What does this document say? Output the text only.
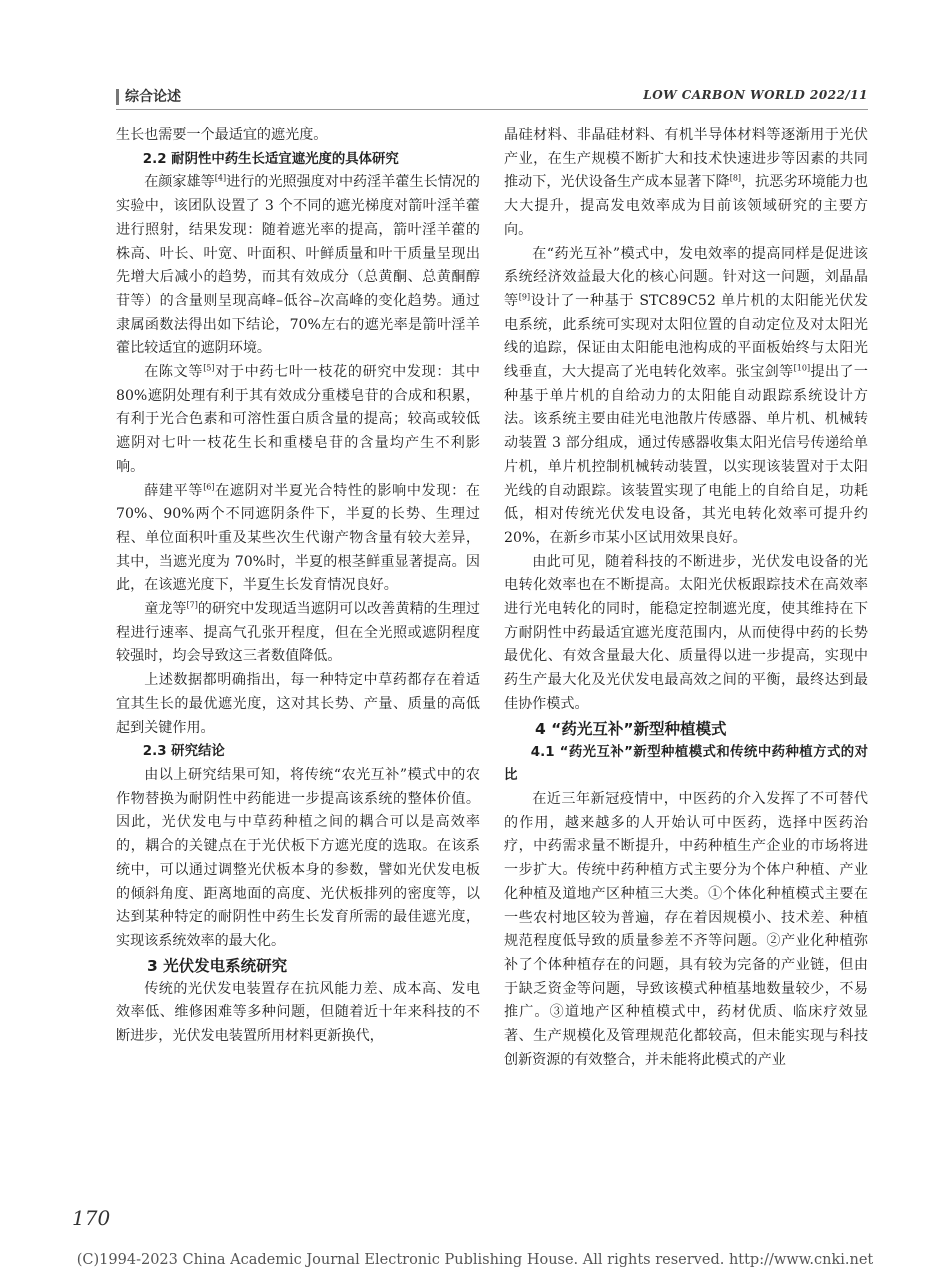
综合论述	LOW CARBON WORLD 2022/11

生长也需要一个最适宜的遮光度。

2.2 耐阴性中药生长适宜遮光度的具体研究

在颜家雄等[4]进行的光照强度对中药淫羊藿生长情况的实验中，该团队设置了 3 个不同的遮光梯度对箭叶淫羊藿进行照射，结果发现：随着遮光率的提高，箭叶淫羊藿的株高、叶长、叶宽、叶面积、叶鲜质量和叶干质量呈现出先增大后减小的趋势，而其有效成分（总黄酮、总黄酮醇苷等）的含量则呈现高峰–低谷–次高峰的变化趋势。通过隶属函数法得出如下结论，70%左右的遮光率是箭叶淫羊藿比较适宜的遮阴环境。

在陈文等[5]对于中药七叶一枝花的研究中发现：其中 80%遮阴处理有利于其有效成分重楼皂苷的合成和积累，有利于光合色素和可溶性蛋白质含量的提高；较高或较低遮阴对七叶一枝花生长和重楼皂苷的含量均产生不利影响。

薛建平等[6]在遮阴对半夏光合特性的影响中发现：在 70%、90%两个不同遮阴条件下，半夏的长势、生理过程、单位面积叶重及某些次生代谢产物含量有较大差异，其中，当遮光度为 70%时，半夏的根茎鲜重显著提高。因此，在该遮光度下，半夏生长发育情况良好。

童龙等[7]的研究中发现适当遮阴可以改善黄精的生理过程进行速率、提高气孔张开程度，但在全光照或遮阴程度较强时，均会导致这三者数值降低。

上述数据都明确指出，每一种特定中草药都存在着适宜其生长的最优遮光度，这对其长势、产量、质量的高低起到关键作用。

2.3 研究结论

由以上研究结果可知，将传统“农光互补”模式中的农作物替换为耐阴性中药能进一步提高该系统的整体价值。因此，光伏发电与中草药种植之间的耦合可以是高效率的，耦合的关键点在于光伏板下方遮光度的选取。在该系统中，可以通过调整光伏板本身的参数，譬如光伏发电板的倾斜角度、距离地面的高度、光伏板排列的密度等，以达到某种特定的耐阴性中药生长发育所需的最佳遮光度，实现该系统效率的最大化。

3 光伏发电系统研究

传统的光伏发电装置存在抗风能力差、成本高、发电效率低、维修困难等多种问题，但随着近十年来科技的不断进步，光伏发电装置所用材料更新换代，

晶硅材料、非晶硅材料、有机半导体材料等逐渐用于光伏产业，在生产规模不断扩大和技术快速进步等因素的共同推动下，光伏设备生产成本显著下降[8]，抗恶劣环境能力也大大提升，提高发电效率成为目前该领域研究的主要方向。

在“药光互补”模式中，发电效率的提高同样是促进该系统经济效益最大化的核心问题。针对这一问题，刘晶晶等[9]设计了一种基于 STC89C52 单片机的太阳能光伏发电系统，此系统可实现对太阳位置的自动定位及对太阳光线的追踪，保证由太阳能电池构成的平面板始终与太阳光线垂直，大大提高了光电转化效率。张宝剑等[10]提出了一种基于单片机的自给动力的太阳能自动跟踪系统设计方法。该系统主要由硅光电池散片传感器、单片机、机械转动装置 3 部分组成，通过传感器收集太阳光信号传递给单片机，单片机控制机械转动装置，以实现该装置对于太阳光线的自动跟踪。该装置实现了电能上的自给自足，功耗低，相对传统光伏发电设备，其光电转化效率可提升约 20%，在新乡市某小区试用效果良好。

由此可见，随着科技的不断进步，光伏发电设备的光电转化效率也在不断提高。太阳光伏板跟踪技术在高效率进行光电转化的同时，能稳定控制遮光度，使其维持在下方耐阴性中药最适宜遮光度范围内，从而使得中药的长势最优化、有效含量最大化、质量得以进一步提高，实现中药生产最大化及光伏发电最高效之间的平衡，最终达到最佳协作模式。

4 “药光互补”新型种植模式

4.1 “药光互补”新型种植模式和传统中药种植方式的对比

在近三年新冠疫情中，中医药的介入发挥了不可替代的作用，越来越多的人开始认可中医药，选择中医药治疗，中药需求量不断提升，中药种植生产企业的市场将进一步扩大。传统中药种植方式主要分为个体户种植、产业化种植及道地产区种植三大类。①个体化种植模式主要在一些农村地区较为普遍，存在着因规模小、技术差、种植规范程度低导致的质量参差不齐等问题。②产业化种植弥补了个体种植存在的问题，具有较为完备的产业链，但由于缺乏资金等问题，导致该模式种植基地数量较少，不易推广。③道地产区种植模式中，药材优质、临床疗效显著、生产规模化及管理规范化都较高，但未能实现与科技创新资源的有效整合，并未能将此模式的产业

170
(C)1994-2023 China Academic Journal Electronic Publishing House. All rights reserved. http://www.cnki.net
